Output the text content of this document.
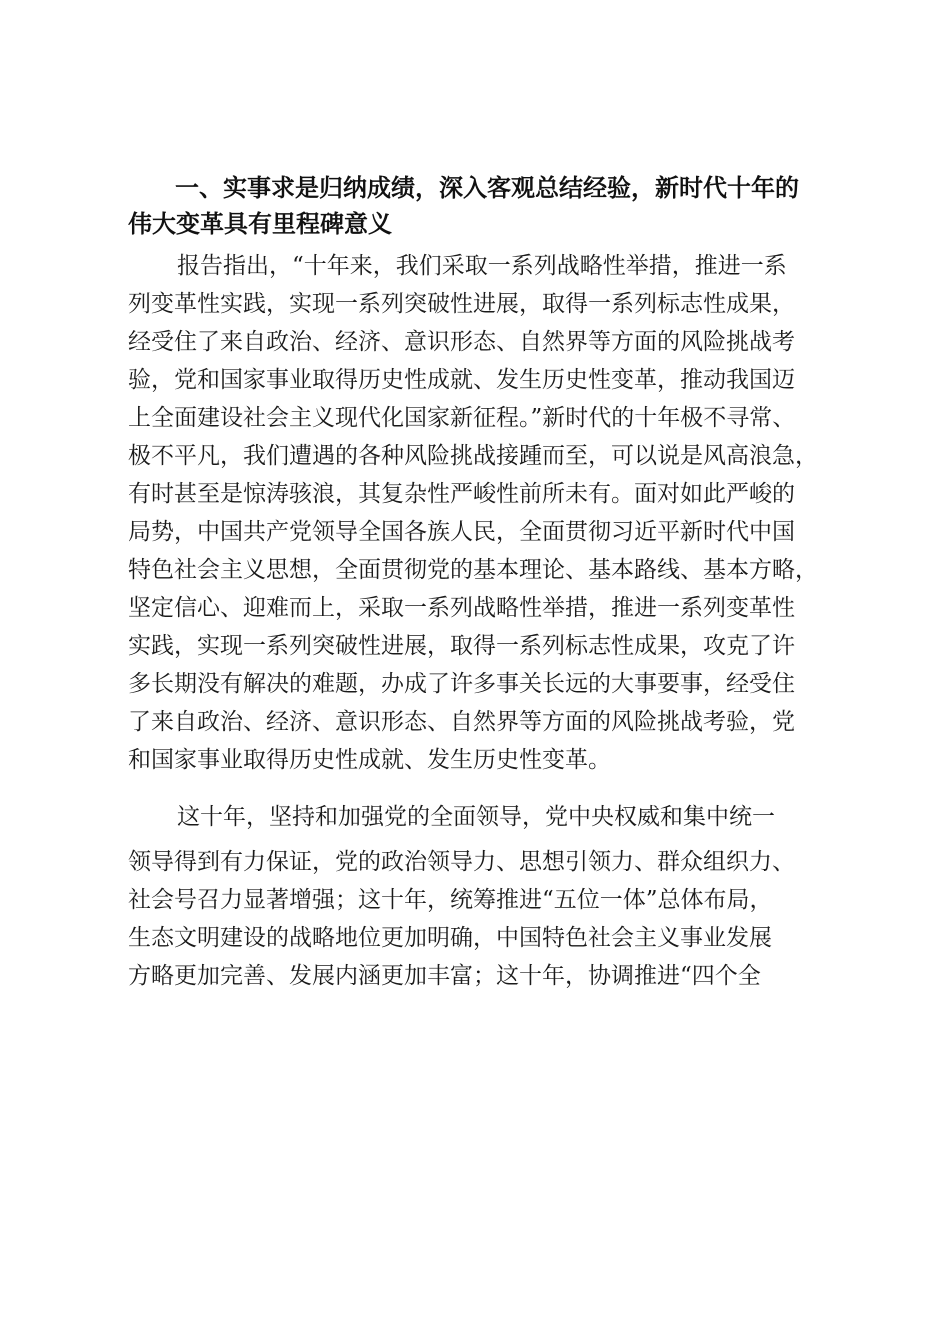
一、实事求是归纳成绩，深入客观总结经验，新时代十年的

伟大变革具有里程碑意义

报告指出，“十年来，我们采取一系列战略性举措，推进一系

列变革性实践，实现一系列突破性进展，取得一系列标志性成果，

经受住了来自政治、经济、意识形态、自然界等方面的风险挑战考

验，党和国家事业取得历史性成就、发生历史性变革，推动我国迈

上全面建设社会主义现代化国家新征程。”新时代的十年极不寻常、

极不平凡，我们遭遇的各种风险挑战接踵而至，可以说是风高浪急，

有时甚至是惊涛骇浪，其复杂性严峻性前所未有。面对如此严峻的

局势，中国共产党领导全国各族人民，全面贯彻习近平新时代中国

特色社会主义思想，全面贯彻党的基本理论、基本路线、基本方略，

坚定信心、迎难而上，采取一系列战略性举措，推进一系列变革性

实践，实现一系列突破性进展，取得一系列标志性成果，攻克了许

多长期没有解决的难题，办成了许多事关长远的大事要事，经受住

了来自政治、经济、意识形态、自然界等方面的风险挑战考验，党

和国家事业取得历史性成就、发生历史性变革。

这十年，坚持和加强党的全面领导，党中央权威和集中统一

领导得到有力保证，党的政治领导力、思想引领力、群众组织力、

社会号召力显著增强；这十年，统筹推进“五位一体”总体布局，

生态文明建设的战略地位更加明确，中国特色社会主义事业发展

方略更加完善、发展内涵更加丰富；这十年，协调推进“四个全
